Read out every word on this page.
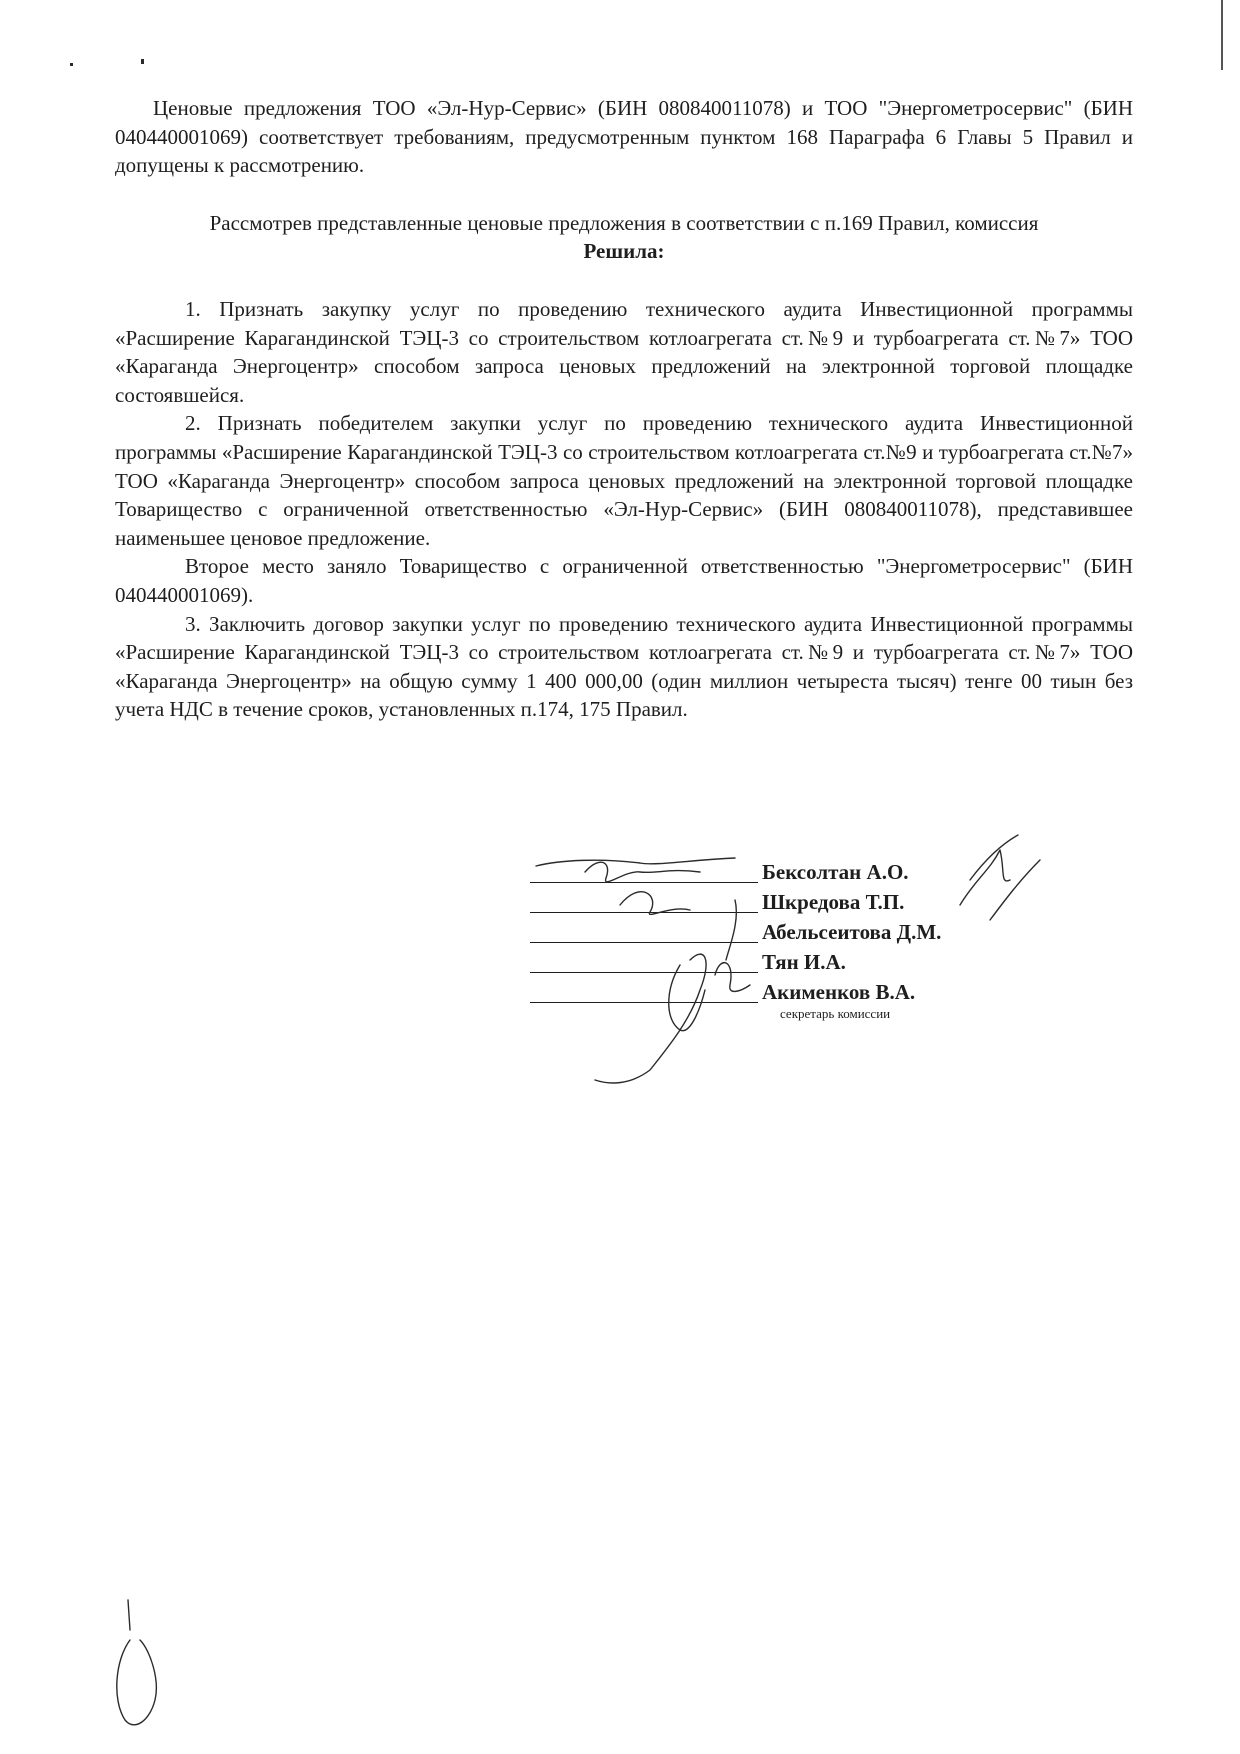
Ценовые предложения ТОО «Эл-Нур-Сервис» (БИН 080840011078) и ТОО "Энергометросервис" (БИН 040440001069) соответствует требованиям, предусмотренным пунктом 168 Параграфа 6 Главы 5 Правил и допущены к рассмотрению.

Рассмотрев представленные ценовые предложения в соответствии с п.169 Правил, комиссия

Решила:

1. Признать закупку услуг по проведению технического аудита Инвестиционной программы «Расширение Карагандинской ТЭЦ-3 со строительством котлоагрегата ст.№9 и турбоагрегата ст.№7» ТОО «Караганда Энергоцентр» способом запроса ценовых предложений на электронной торговой площадке состоявшейся.

2. Признать победителем закупки услуг по проведению технического аудита Инвестиционной программы «Расширение Карагандинской ТЭЦ-3 со строительством котлоагрегата ст.№9 и турбоагрегата ст.№7» ТОО «Караганда Энергоцентр» способом запроса ценовых предложений на электронной торговой площадке Товарищество с ограниченной ответственностью «Эл-Нур-Сервис» (БИН 080840011078), представившее наименьшее ценовое предложение.

Второе место заняло Товарищество с ограниченной ответственностью "Энергометросервис" (БИН 040440001069).

3. Заключить договор закупки услуг по проведению технического аудита Инвестиционной программы «Расширение Карагандинской ТЭЦ-3 со строительством котлоагрегата ст.№9 и турбоагрегата ст.№7» ТОО «Караганда Энергоцентр» на общую сумму 1 400 000,00 (один миллион четыреста тысяч) тенге 00 тиын без учета НДС в течение сроков, установленных п.174, 175 Правил.

Бексолтан А.О.
Шкредова Т.П.
Абельсеитова Д.М.
Тян И.А.
Акименков В.А.
секретарь комиссии
